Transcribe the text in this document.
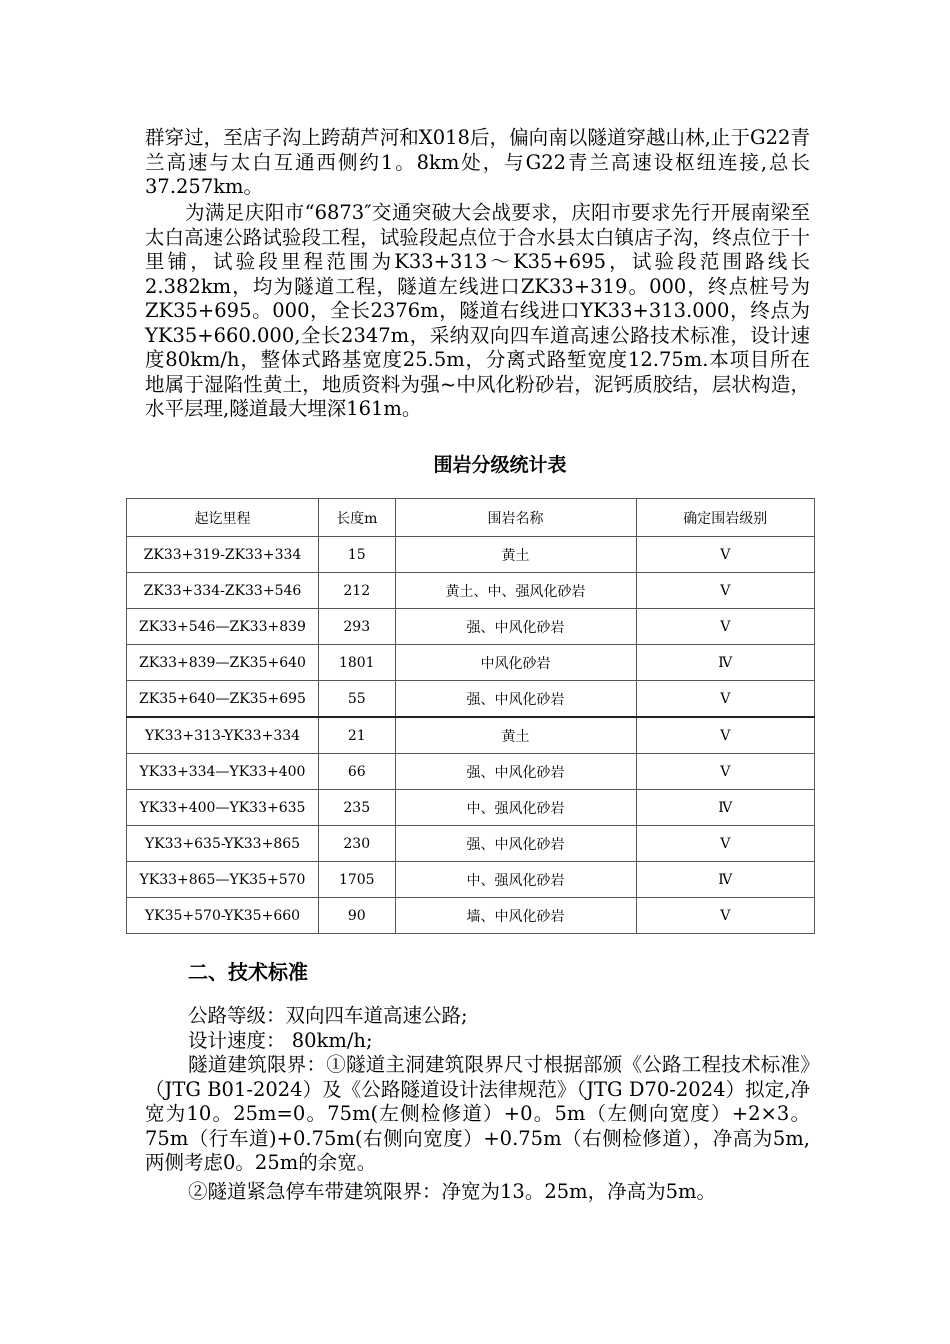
群穿过，至店子沟上跨葫芦河和X018后，偏向南以隧道穿越山林,止于G22青兰高速与太白互通西侧约1。8km处，与G22青兰高速设枢纽连接,总长37.257km。

为满足庆阳市“6873″交通突破大会战要求，庆阳市要求先行开展南梁至太白高速公路试验段工程，试验段起点位于合水县太白镇店子沟，终点位于十里铺，试验段里程范围为K33+313～K35+695，试验段范围路线长2.382km，均为隧道工程，隧道左线进口ZK33+319。000，终点桩号为ZK35+695。000，全长2376m，隧道右线进口YK33+313.000，终点为YK35+660.000,全长2347m，采纳双向四车道高速公路技术标准，设计速度80km/h，整体式路基宽度25.5m，分离式路堑宽度12.75m.本项目所在地属于湿陷性黄土，地质资料为强~中风化粉砂岩，泥钙质胶结，层状构造，水平层理,隧道最大埋深161m。

围岩分级统计表
起讫里程	长度m	围岩名称	确定围岩级别
ZK33+319-ZK33+334	15	黄土	V
ZK33+334-ZK33+546	212	黄土、中、强风化砂岩	V
ZK33+546—ZK33+839	293	强、中风化砂岩	V
ZK33+839—ZK35+640	1801	中风化砂岩	Ⅳ
ZK35+640—ZK35+695	55	强、中风化砂岩	V
YK33+313-YK33+334	21	黄土	V
YK33+334—YK33+400	66	强、中风化砂岩	V
YK33+400—YK33+635	235	中、强风化砂岩	Ⅳ
YK33+635-YK33+865	230	强、中风化砂岩	V
YK33+865—YK35+570	1705	中、强风化砂岩	Ⅳ
YK35+570-YK35+660	90	墙、中风化砂岩	V
二、技术标准

公路等级：双向四车道高速公路;

设计速度： 80km/h;

隧道建筑限界：①隧道主洞建筑限界尺寸根据部颁《公路工程技术标准》（JTG B01-2024）及《公路隧道设计法律规范》（JTG D70-2024）拟定,净宽为10。25m=0。75m(左侧检修道）+0。5m（左侧向宽度）+2×3。75m（行车道)+0.75m(右侧向宽度）+0.75m（右侧检修道），净高为5m,两侧考虑0。25m的余宽。

②隧道紧急停车带建筑限界：净宽为13。25m，净高为5m。
